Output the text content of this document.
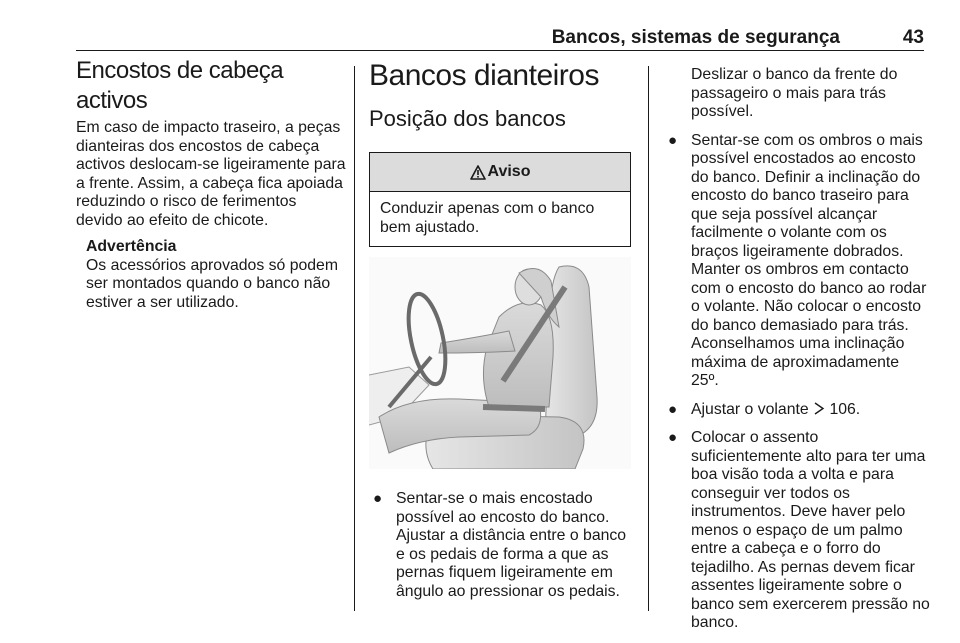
Bancos, sistemas de segurança	43
Encostos de cabeça activos

Em caso de impacto traseiro, a peças dianteiras dos encostos de cabeça activos deslocam-se ligeiramente para a frente. Assim, a cabeça fica apoiada reduzindo o risco de ferimentos devido ao efeito de chicote.

Advertência
Os acessórios aprovados só podem ser montados quando o banco não estiver a ser utilizado.
Bancos dianteiros
Posição dos bancos
Aviso
Conduzir apenas com o banco bem ajustado.
● Sentar-se o mais encostado possível ao encosto do banco. Ajustar a distância entre o banco e os pedais de forma a que as pernas fiquem ligeiramente em ângulo ao pressionar os pedais.
Deslizar o banco da frente do passageiro o mais para trás possível.
● Sentar-se com os ombros o mais possível encostados ao encosto do banco. Definir a inclinação do encosto do banco traseiro para que seja possível alcançar facilmente o volante com os braços ligeiramente dobrados. Manter os ombros em contacto com o encosto do banco ao rodar o volante. Não colocar o encosto do banco demasiado para trás. Aconselhamos uma inclinação máxima de aproximadamente 25º.
● Ajustar o volante 106.
● Colocar o assento suficientemente alto para ter uma boa visão toda a volta e para conseguir ver todos os instrumentos. Deve haver pelo menos o espaço de um palmo entre a cabeça e o forro do tejadilho. As pernas devem ficar assentes ligeiramente sobre o banco sem exercerem pressão no banco.
